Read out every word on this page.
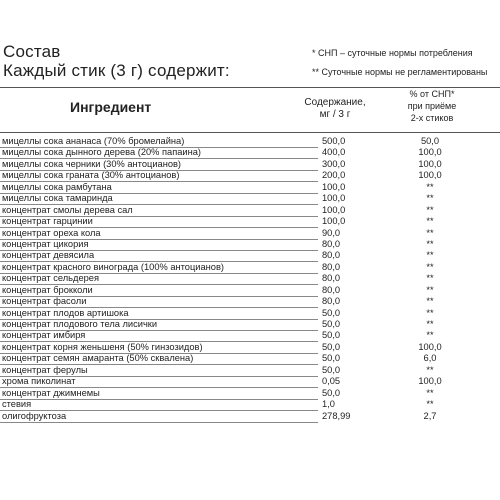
Состав
Каждый стик (3 г) содержит:
* СНП – суточные нормы потребления
** Суточные нормы не регламентированы
Ингредиент	Содержание,
мг / 3 г
% от СНП*
при приёме
2-х стиков
мицеллы сока ананаса (70% бромелайна)	500,0	50,0
мицеллы сока дынного дерева (20% папаина)	400,0	100,0
мицеллы сока черники (30% антоцианов)	300,0	100,0
мицеллы сока граната (30% антоцианов)	200,0	100,0
мицеллы сока рамбутана	100,0	**
мицеллы сока тамаринда	100,0	**
концентрат смолы дерева сал	100,0	**
концентрат гарцинии	100,0	**
концентрат ореха кола	90,0	**
концентрат цикория	80,0	**
концентрат девясила	80,0	**
концентрат красного винограда (100% антоцианов)	80,0	**
концентрат сельдерея	80,0	**
концентрат брокколи	80,0	**
концентрат фасоли	80,0	**
концентрат плодов артишока	50,0	**
концентрат плодового тела лисички	50,0	**
концентрат имбиря	50,0	**
концентрат корня женьшеня (50% гинзозидов)	50,0	100,0
концентрат семян амаранта (50% сквалена)	50,0	6,0
концентрат ферулы	50,0	**
хрома пиколинат	0,05	100,0
концентрат джимнемы	50,0	**
стевия	1,0	**
олигофруктоза	278,99	2,7
